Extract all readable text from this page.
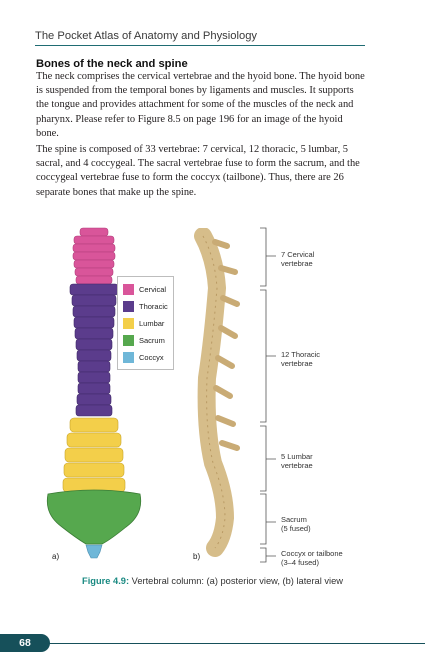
The Pocket Atlas of Anatomy and Physiology
Bones of the neck and spine

The neck comprises the cervical vertebrae and the hyoid bone. The hyoid bone is suspended from the temporal bones by ligaments and muscles. It supports the tongue and provides attachment for some of the muscles of the neck and pharynx. Please refer to Figure 8.5 on page 196 for an image of the hyoid bone.

The spine is composed of 33 vertebrae: 7 cervical, 12 thoracic, 5 lumbar, 5 sacral, and 4 coccygeal. The sacral vertebrae fuse to form the sacrum, and the coccygeal vertebrae fuse to form the coccyx (tailbone). Thus, there are 26 separate bones that make up the spine.

a)
Cervical
Thoracic
Lumbar
Sacrum
Coccyx
b)
7 Cervical
vertebrae
12 Thoracic
vertebrae
5 Lumbar
vertebrae
Sacrum
(5 fused)
Coccyx or tailbone
(3–4 fused)
Figure 4.9: Vertebral column: (a) posterior view, (b) lateral view
68
